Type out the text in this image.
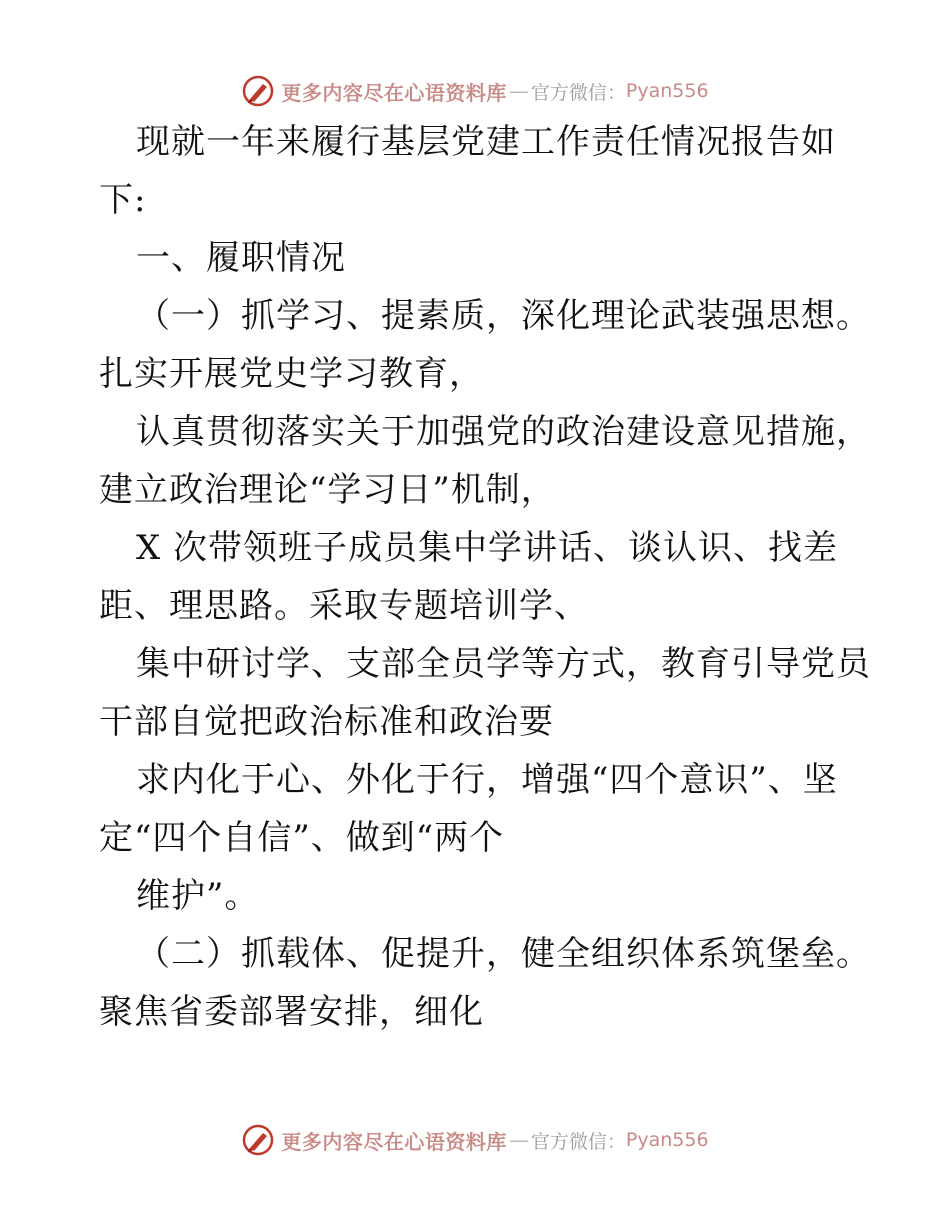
更多内容尽在心语资料库 — 官方微信： Pyan556
现就一年来履行基层党建工作责任情况报告如
下:
一、履职情况
（一）抓学习、提素质，深化理论武装强思想。
扎实开展党史学习教育，
认真贯彻落实关于加强党的政治建设意见措施，
建立政治理论“学习日”机制，
X 次带领班子成员集中学讲话、谈认识、找差
距、理思路。采取专题培训学、
集中研讨学、支部全员学等方式，教育引导党员
干部自觉把政治标准和政治要
求内化于心、外化于行，增强“四个意识”、坚
定“四个自信”、做到“两个
维护”。
（二）抓载体、促提升，健全组织体系筑堡垒。
聚焦省委部署安排，细化
更多内容尽在心语资料库 — 官方微信： Pyan556
